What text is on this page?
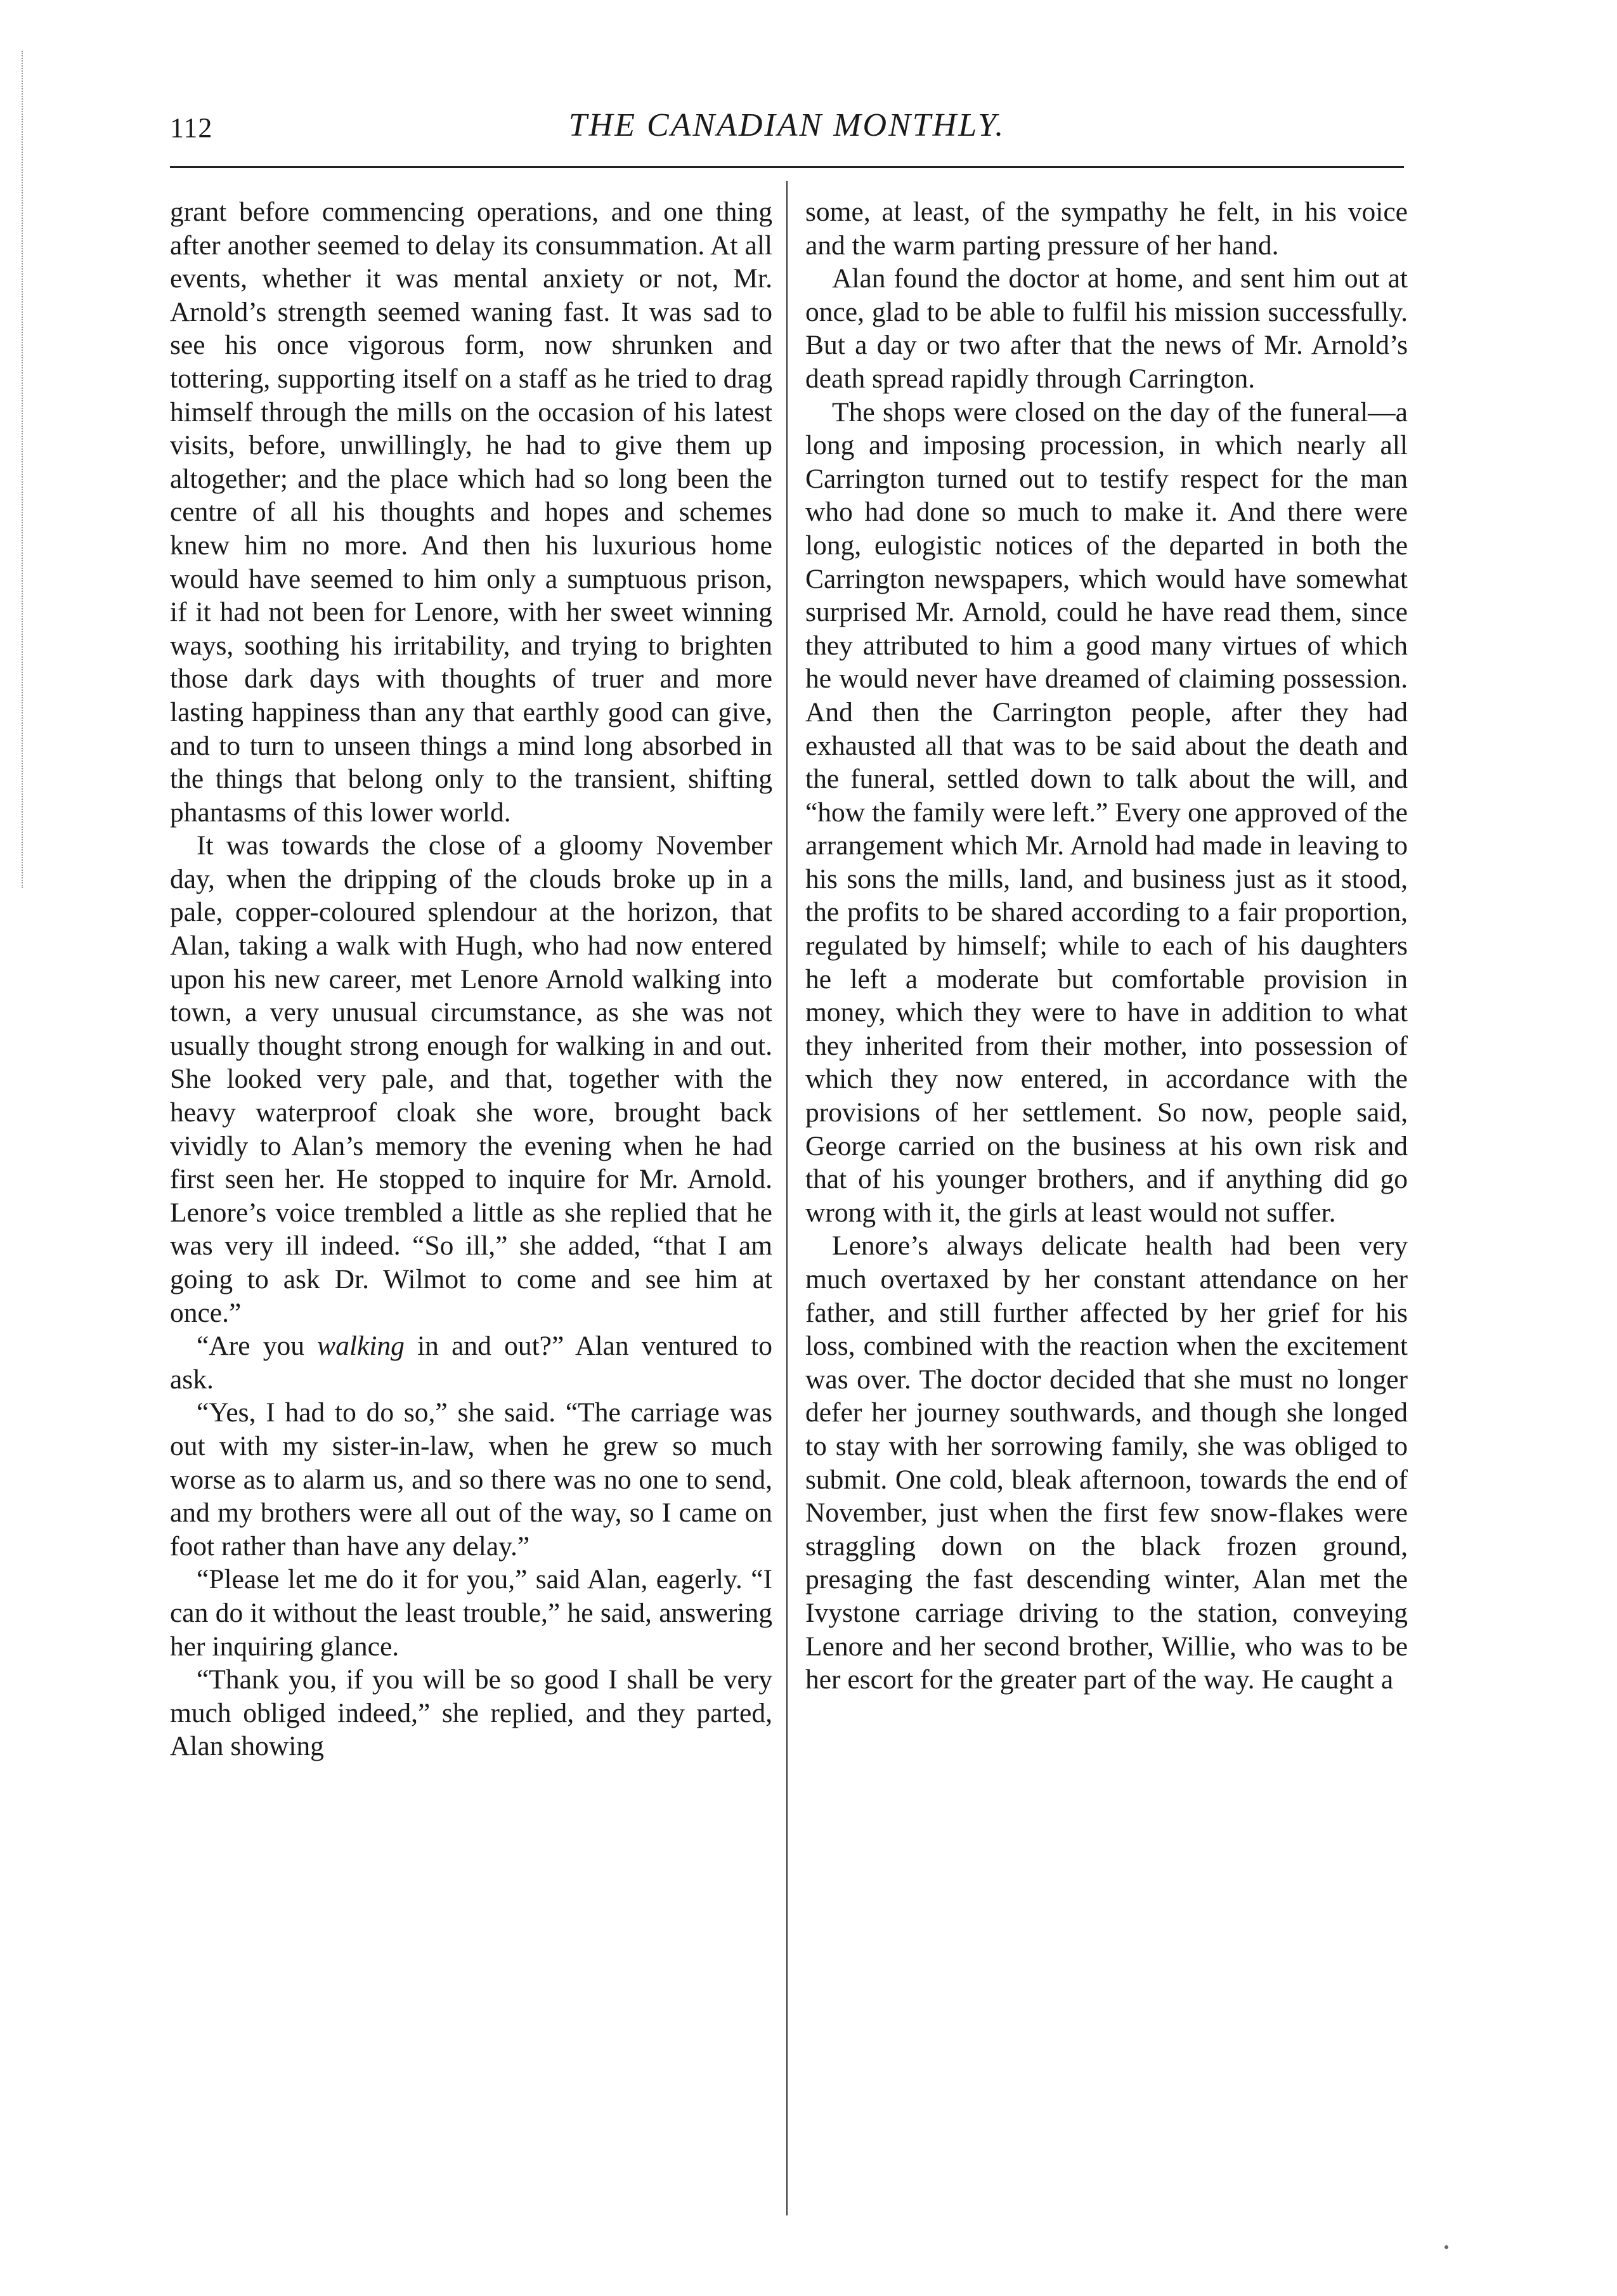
112	THE CANADIAN MONTHLY.

grant before commencing operations, and one thing after another seemed to delay its consummation. At all events, whether it was mental anxiety or not, Mr. Arnold’s strength seemed waning fast. It was sad to see his once vigorous form, now shrunken and tottering, supporting itself on a staff as he tried to drag himself through the mills on the occasion of his latest visits, before, unwillingly, he had to give them up altogether; and the place which had so long been the centre of all his thoughts and hopes and schemes knew him no more. And then his luxurious home would have seemed to him only a sumptuous prison, if it had not been for Lenore, with her sweet winning ways, soothing his irritability, and trying to brighten those dark days with thoughts of truer and more lasting happiness than any that earthly good can give, and to turn to unseen things a mind long absorbed in the things that belong only to the transient, shifting phantasms of this lower world.

It was towards the close of a gloomy November day, when the dripping of the clouds broke up in a pale, copper-coloured splendour at the horizon, that Alan, taking a walk with Hugh, who had now entered upon his new career, met Lenore Arnold walking into town, a very unusual circumstance, as she was not usually thought strong enough for walking in and out. She looked very pale, and that, together with the heavy waterproof cloak she wore, brought back vividly to Alan’s memory the evening when he had first seen her. He stopped to inquire for Mr. Arnold. Lenore’s voice trembled a little as she replied that he was very ill indeed. “So ill,” she added, “that I am going to ask Dr. Wilmot to come and see him at once.”

“Are you walking in and out?” Alan ventured to ask.

“Yes, I had to do so,” she said. “The carriage was out with my sister-in-law, when he grew so much worse as to alarm us, and so there was no one to send, and my brothers were all out of the way, so I came on foot rather than have any delay.”

“Please let me do it for you,” said Alan, eagerly. “I can do it without the least trouble,” he said, answering her inquiring glance.

“Thank you, if you will be so good I shall be very much obliged indeed,” she replied, and they parted, Alan showing

some, at least, of the sympathy he felt, in his voice and the warm parting pressure of her hand.

Alan found the doctor at home, and sent him out at once, glad to be able to fulfil his mission successfully. But a day or two after that the news of Mr. Arnold’s death spread rapidly through Carrington.

The shops were closed on the day of the funeral—a long and imposing procession, in which nearly all Carrington turned out to testify respect for the man who had done so much to make it. And there were long, eulogistic notices of the departed in both the Carrington newspapers, which would have somewhat surprised Mr. Arnold, could he have read them, since they attributed to him a good many virtues of which he would never have dreamed of claiming possession. And then the Carrington people, after they had exhausted all that was to be said about the death and the funeral, settled down to talk about the will, and “how the family were left.” Every one approved of the arrangement which Mr. Arnold had made in leaving to his sons the mills, land, and business just as it stood, the profits to be shared according to a fair proportion, regulated by himself; while to each of his daughters he left a moderate but comfortable provision in money, which they were to have in addition to what they inherited from their mother, into possession of which they now entered, in accordance with the provisions of her settlement. So now, people said, George carried on the business at his own risk and that of his younger brothers, and if anything did go wrong with it, the girls at least would not suffer.

Lenore’s always delicate health had been very much overtaxed by her constant attendance on her father, and still further affected by her grief for his loss, combined with the reaction when the excitement was over. The doctor decided that she must no longer defer her journey southwards, and though she longed to stay with her sorrowing family, she was obliged to submit. One cold, bleak afternoon, towards the end of November, just when the first few snow-flakes were straggling down on the black frozen ground, presaging the fast descending winter, Alan met the Ivystone carriage driving to the station, conveying Lenore and her second brother, Willie, who was to be her escort for the greater part of the way. He caught a
